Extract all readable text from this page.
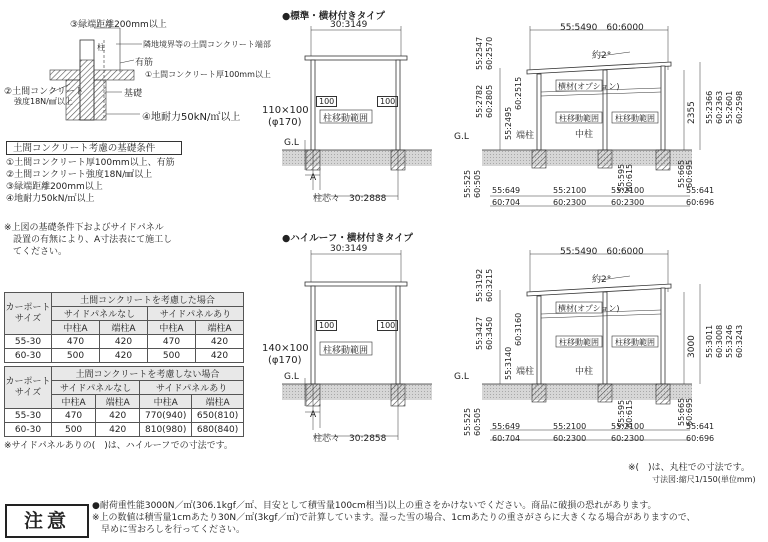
55:2782 60:2805
55:2547 60:2570
55:2495
60:2515
2355 55:2366 60:2363 55:2601 60:2598
55:525 60:505	55:595 60:615	55:665 60:695
55:3427 60:3450
55:3192 60:3215
55:3140
60:3160
3000 55:3011 60:3008 55:3246 60:3243
55:525 60:505	55:595 60:615	55:665 60:695
③緑端距離200mm以上
柱	隣地境界等の土間コンクリート端部
有筋
①土間コンクリート厚100mm以上
②土間コンクリート
強度18N/㎟以上
基礎
④地耐力50kN/㎡以上
土間コンクリート考慮の基礎条件
①土間コンクリート厚100mm以上、有筋
②土間コンクリート強度18N/㎟以上
③緑端距離200mm以上
④地耐力50kN/㎡以上
※上図の基礎条件下およびサイドパネル
　設置の有無により、A寸法表にて施工し
　てください。
カーポート
サイズ	土間コンクリートを考慮した場合			
	サイドパネルなし		サイドパネルあり	
	中柱A	端柱A	中柱A	端柱A
55-30	470	420	470	420
60-30	500	420	500	420
カーポート
サイズ	土間コンクリートを考慮しない場合			
	サイドパネルなし		サイドパネルあり	
	中柱A	端柱A	中柱A	端柱A
55-30	470	420	770(940)	650(810)
60-30	500	420	810(980)	680(840)
※サイドパネルありの(　)は、ハイルーフでの寸法です。
●標準・横材付きタイプ
30:3149
100	100
柱移動範囲
110×100
(φ170)
G.L
A
柱芯々　30:2888
55:5490　60:6000
約2°
横材(オプション)
柱移動範囲 柱移動範囲
端柱	中柱
G.L
55:649
60:704
55:2100
60:2300
55:2100
60:2300
55:641
60:696
●ハイルーフ・横材付きタイプ
30:3149
100	100
柱移動範囲
140×100
(φ170)
G.L
A
柱芯々　30:2858
55:5490　60:6000
約2°
横材(オプション)
柱移動範囲 柱移動範囲
端柱	中柱
G.L
55:649
60:704
55:2100
60:2300
55:2100
60:2300
55:641
60:696
※(　)は、丸柱での寸法です。
寸法図:縮尺1/150(単位mm)
注意
●耐荷重性能3000N／㎡(306.1kgf／㎡、目安として積雪量100cm相当)以上の重さをかけないでください。商品に破損の恐れがあります。
※上の数値は積雪量1cmあたり30N／㎡(3kgf／㎡)で計算しています。湿った雪の場合、1cmあたりの重さがさらに大きくなる場合がありますので、
　早めに雪おろしを行ってください。
